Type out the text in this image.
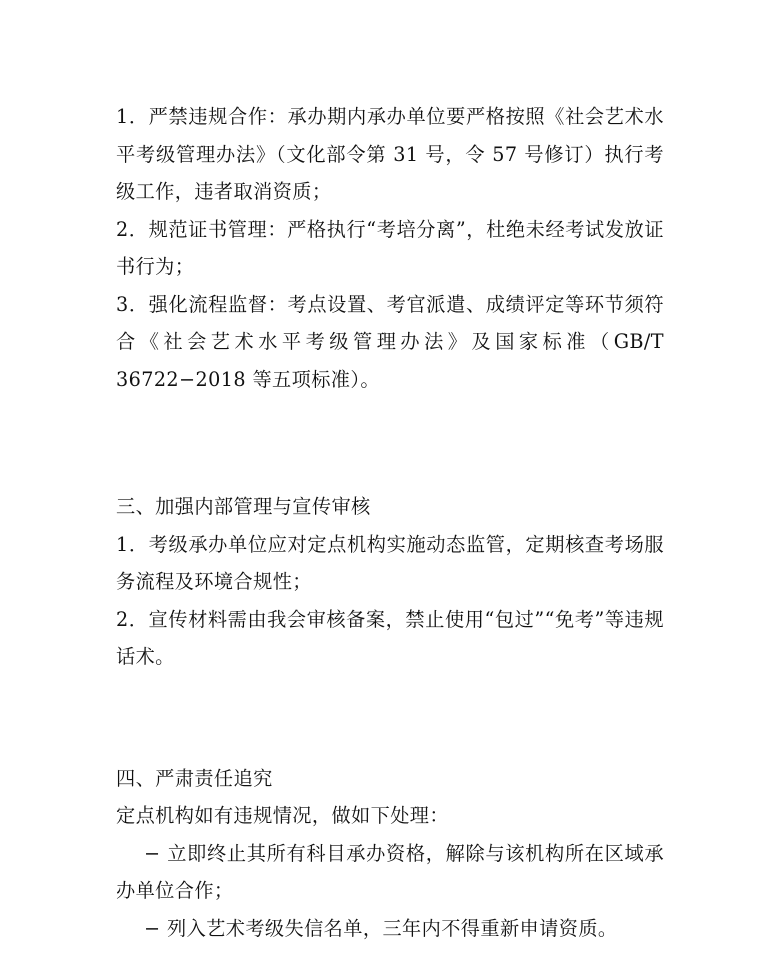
1．严禁违规合作：承办期内承办单位要严格按照《社会艺术水平考级管理办法》（文化部令第 31 号，令 57 号修订）执行考级工作，违者取消资质；

2．规范证书管理：严格执行“考培分离”，杜绝未经考试发放证书行为；

3．强化流程监督：考点设置、考官派遣、成绩评定等环节须符合《社会艺术水平考级管理办法》及国家标准（GB/T　36722−2018 等五项标准）。

三、加强内部管理与宣传审核

1．考级承办单位应对定点机构实施动态监管，定期核查考场服务流程及环境合规性；

2．宣传材料需由我会审核备案，禁止使用“包过”“免考”等违规话术。

四、严肃责任追究

定点机构如有违规情况，做如下处理：

− 立即终止其所有科目承办资格，解除与该机构所在区域承办单位合作；

− 列入艺术考级失信名单，三年内不得重新申请资质。
